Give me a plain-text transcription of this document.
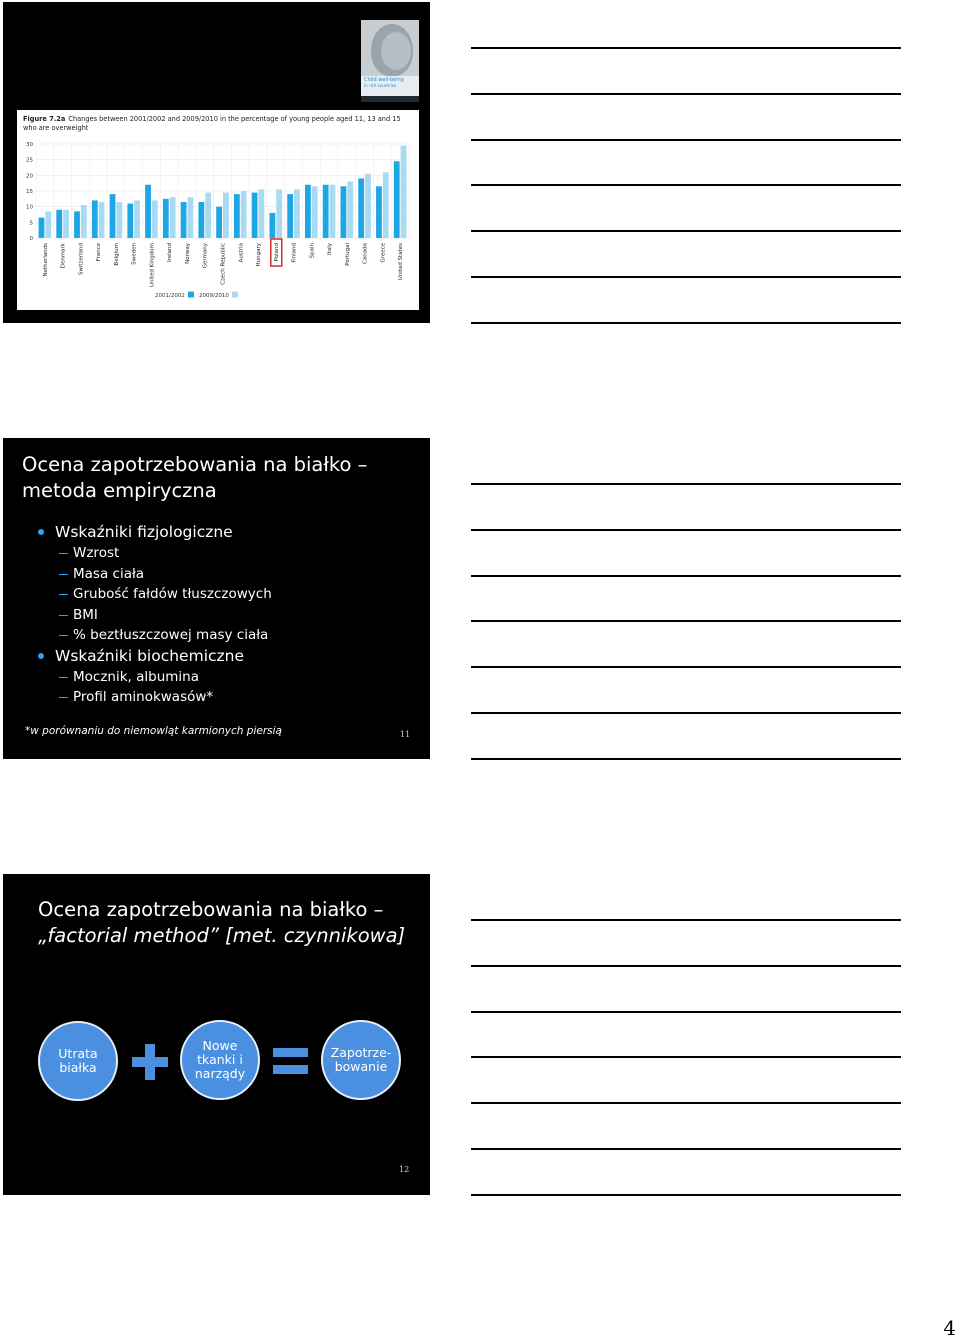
Child well-being
in rich countries
Figure 7.2a Changes between 2001/2002 and 2009/2010 in the percentage of young people aged 11, 13 and 15 who are overweight
0
5
10
15
20
25
30
Netherlands Denmark Switzerland France Belgium Sweden United Kingdom Ireland Norway Germany Czech Republic Austria Hungary Poland Finland Spain Italy Portugal Canada Greece United States
2001/2002	2009/2010
Ocena zapotrzebowania na białko –
metoda empiryczna
Wskaźniki fizjologiczne
Wzrost
Masa ciała
Grubość fałdów tłuszczowych
BMI
% beztłuszczowej masy ciała
Wskaźniki biochemiczne
Mocznik, albumina
Profil aminokwasów*
*w porównaniu do niemowląt karmionych piersią	11
Ocena zapotrzebowania na białko –
„factorial method” [met. czynnikowa]
Utrata
białka
Nowe
tkanki i
narządy
Zapotrze-
bowanie
12
4
